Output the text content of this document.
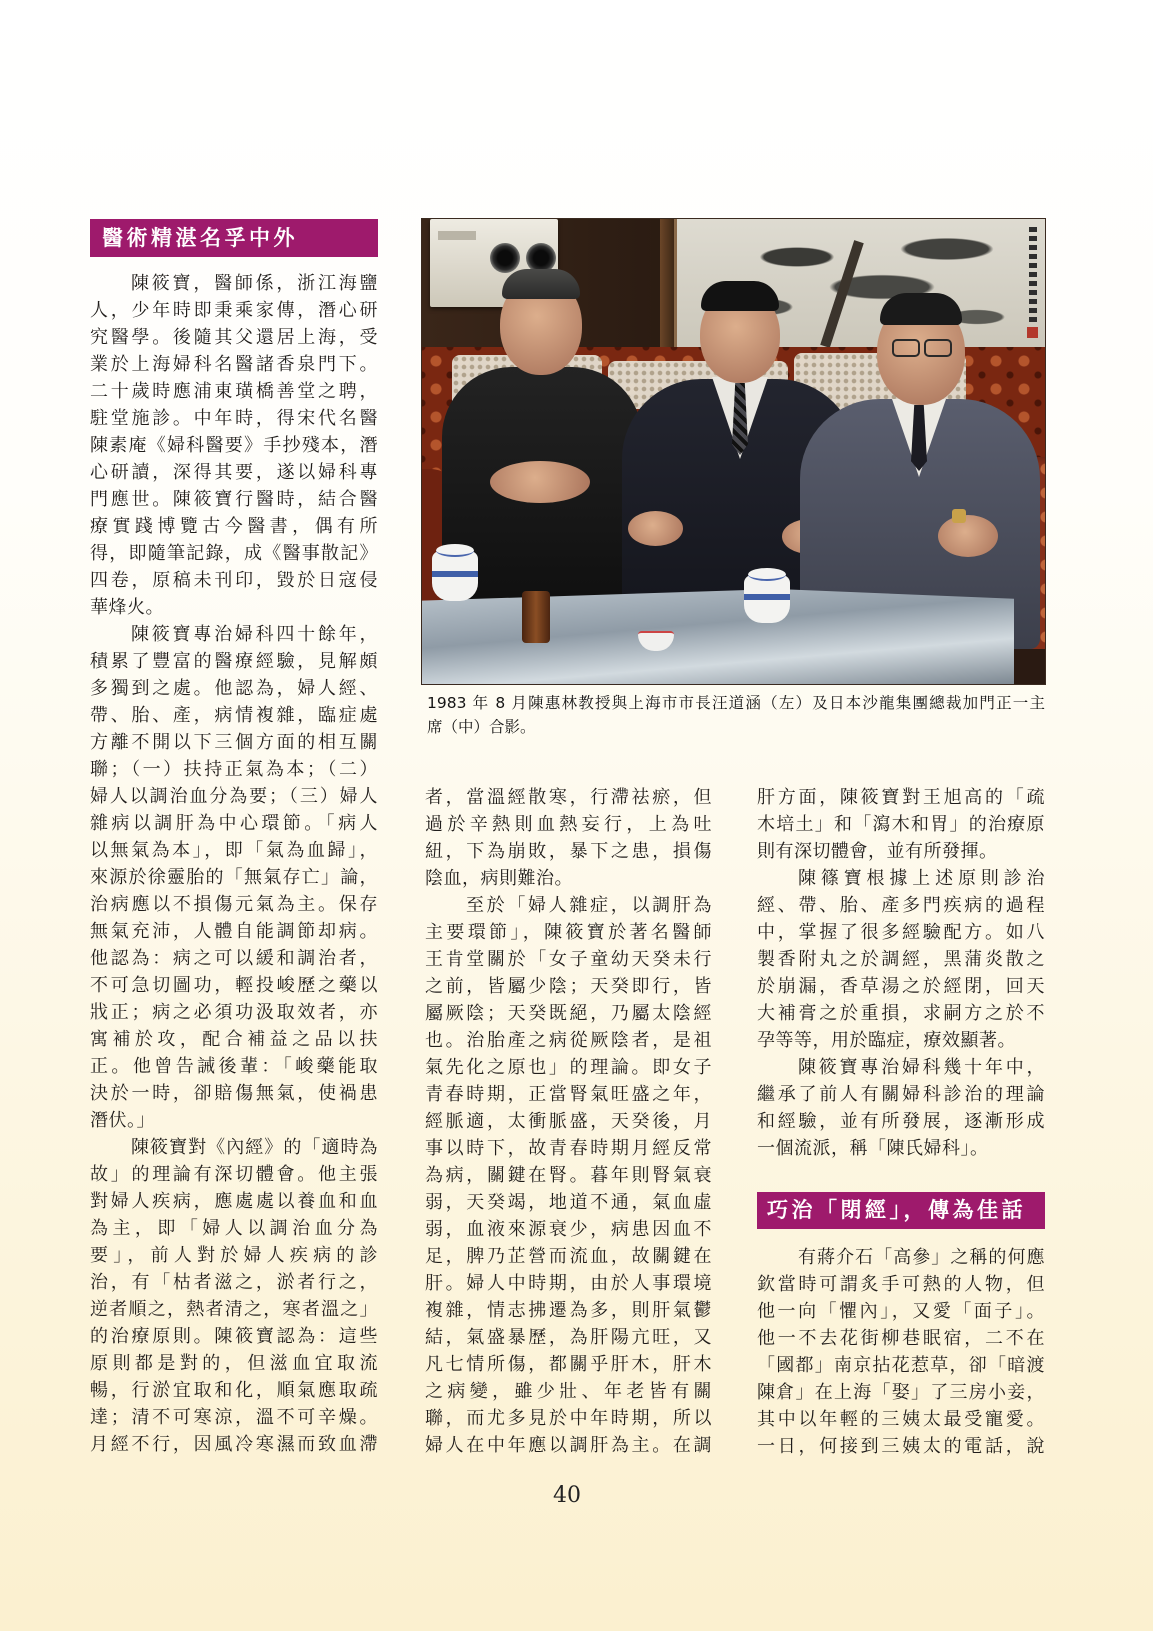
醫術精湛名孚中外
陳筱寶，醫師係，浙江海鹽
人，少年時即秉乘家傳，潛心研
究醫學。後隨其父還居上海，受
業於上海婦科名醫諸香泉門下。
二十歲時應浦東璜橋善堂之聘，
駐堂施診。中年時，得宋代名醫
陳素庵《婦科醫要》手抄殘本，潛
心研讀，深得其要，遂以婦科專
門應世。陳筱寶行醫時，結合醫
療實踐博覽古今醫書，偶有所
得，即隨筆記錄，成《醫事散記》
四卷，原稿未刊印，毀於日寇侵
華烽火。
陳筱寶專治婦科四十餘年，
積累了豐富的醫療經驗，見解頗
多獨到之處。他認為，婦人經、
帶、胎、產，病情複雜，臨症處
方離不開以下三個方面的相互關
聯；（一）扶持正氣為本；（二）
婦人以調治血分為要；（三）婦人
雜病以調肝為中心環節。「病人
以無氣為本」，即「氣為血歸」，
來源於徐靈胎的「無氣存亡」論，
治病應以不損傷元氣為主。保存
無氣充沛，人體自能調節却病。
他認為：病之可以緩和調治者，
不可急切圖功，輕投峻歷之藥以
戕正；病之必須功汲取效者，亦
寓補於攻，配合補益之品以扶
正。他曾告誡後輩：「峻藥能取
決於一時，卻賠傷無氣，使禍患
潛伏。」
陳筱寶對《內經》的「適時為
故」的理論有深切體會。他主張
對婦人疾病，應處處以養血和血
為主，即「婦人以調治血分為
要」，前人對於婦人疾病的診
治，有「枯者滋之，淤者行之，
逆者順之，熱者清之，寒者溫之」
的治療原則。陳筱寶認為：這些
原則都是對的，但滋血宜取流
暢，行淤宜取和化，順氣應取疏
達；清不可寒涼，溫不可辛燥。
月經不行，因風冷寒濕而致血滯
者，當溫經散寒，行滯祛瘀，但
過於辛熱則血熱妄行，上為吐
紐，下為崩敗，暴下之患，損傷
陰血，病則難治。
至於「婦人雜症，以調肝為
主要環節」，陳筱寶於著名醫師
王肯堂關於「女子童幼天癸未行
之前，皆屬少陰；天癸即行，皆
屬厥陰；天癸既絕，乃屬太陰經
也。治胎產之病從厥陰者，是祖
氣先化之原也」的理論。即女子
青春時期，正當腎氣旺盛之年，
經脈適，太衝脈盛，天癸後，月
事以時下，故青春時期月經反常
為病，關鍵在腎。暮年則腎氣衰
弱，天癸竭，地道不通，氣血虛
弱，血液來源衰少，病患因血不
足，脾乃芷營而流血，故關鍵在
肝。婦人中時期，由於人事環境
複雜，情志拂遷為多，則肝氣鬱
結，氣盛暴歷，為肝陽亢旺，又
凡七情所傷，都關乎肝木，肝木
之病變，雖少壯、年老皆有關
聯，而尤多見於中年時期，所以
婦人在中年應以調肝為主。在調
肝方面，陳筱寶對王旭高的「疏
木培土」和「瀉木和胃」的治療原
則有深切體會，並有所發揮。
陳篠寶根據上述原則診治
經、帶、胎、產多門疾病的過程
中，掌握了很多經驗配方。如八
製香附丸之於調經，黑蒲炎散之
於崩漏，香草湯之於經閉，回天
大補膏之於重損，求嗣方之於不
孕等等，用於臨症，療效顯著。
陳筱寶專治婦科幾十年中，
繼承了前人有關婦科診治的理論
和經驗，並有所發展，逐漸形成
一個流派，稱「陳氏婦科」。
巧治「閉經」，傳為佳話
有蔣介石「高參」之稱的何應
欽當時可謂炙手可熱的人物，但
他一向「懼內」，又愛「面子」。
他一不去花街柳巷眠宿，二不在
「國都」南京拈花惹草，卻「暗渡
陳倉」在上海「娶」了三房小妾，
其中以年輕的三姨太最受寵愛。
一日，何接到三姨太的電話，說
1983 年 8 月陳惠林教授與上海市市長汪道涵（左）及日本沙龍集團總裁加門正一主
席（中）合影。
40
